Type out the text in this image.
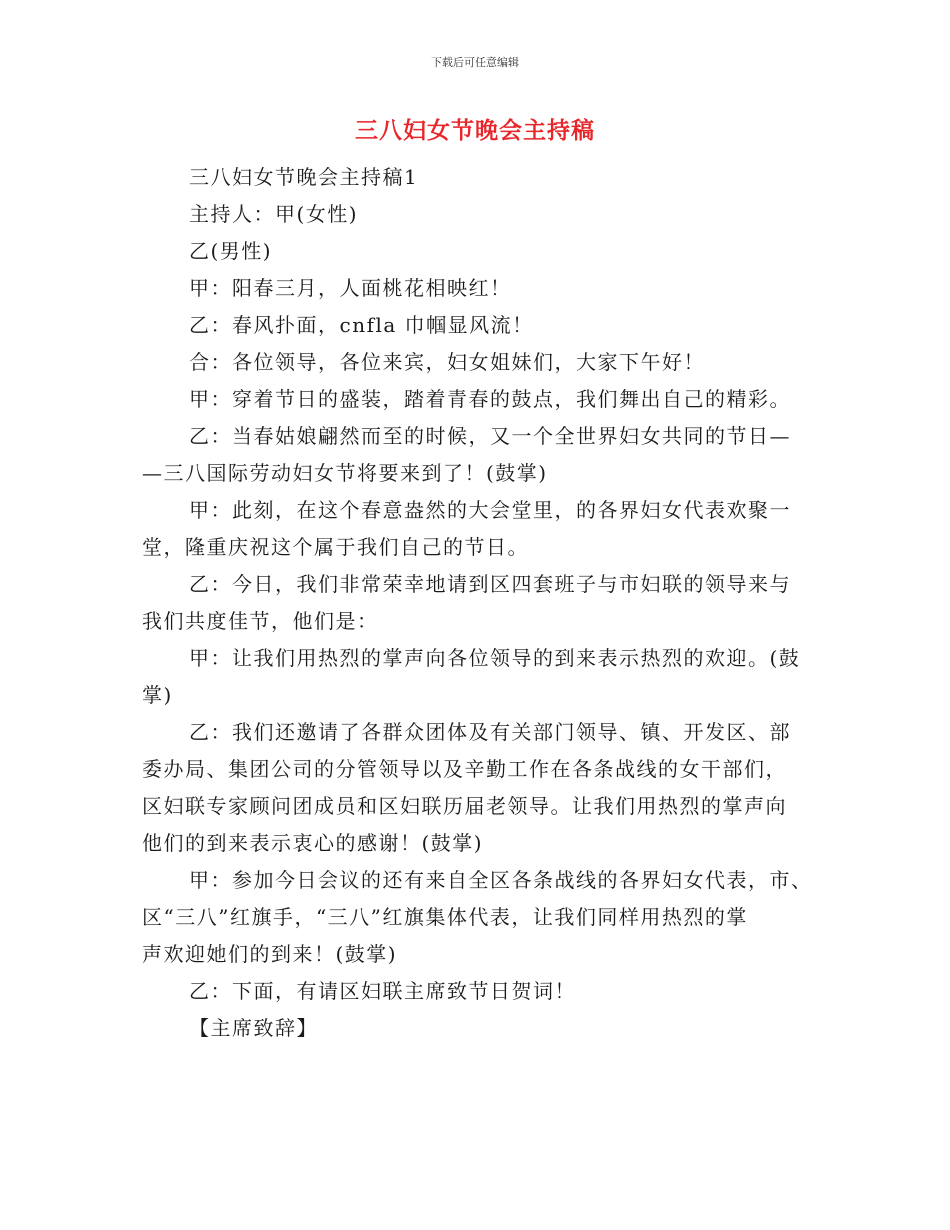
下载后可任意编辑
三八妇女节晚会主持稿

三八妇女节晚会主持稿1

主持人：甲(女性)

乙(男性)

甲：阳春三月，人面桃花相映红！

乙：春风扑面，cnfla 巾帼显风流！

合：各位领导，各位来宾，妇女姐妹们，大家下午好！

甲：穿着节日的盛装，踏着青春的鼓点，我们舞出自己的精彩。

乙：当春姑娘翩然而至的时候，又一个全世界妇女共同的节日—
—三八国际劳动妇女节将要来到了！(鼓掌)

甲：此刻，在这个春意盎然的大会堂里，的各界妇女代表欢聚一
堂，隆重庆祝这个属于我们自己的节日。

乙：今日，我们非常荣幸地请到区四套班子与市妇联的领导来与
我们共度佳节，他们是：

甲：让我们用热烈的掌声向各位领导的到来表示热烈的欢迎。(鼓
掌)

乙：我们还邀请了各群众团体及有关部门领导、镇、开发区、部
委办局、集团公司的分管领导以及辛勤工作在各条战线的女干部们，
区妇联专家顾问团成员和区妇联历届老领导。让我们用热烈的掌声向
他们的到来表示衷心的感谢！(鼓掌)

甲：参加今日会议的还有来自全区各条战线的各界妇女代表，市、
区“三八”红旗手，“三八”红旗集体代表，让我们同样用热烈的掌
声欢迎她们的到来！(鼓掌)

乙：下面，有请区妇联主席致节日贺词！

【主席致辞】
